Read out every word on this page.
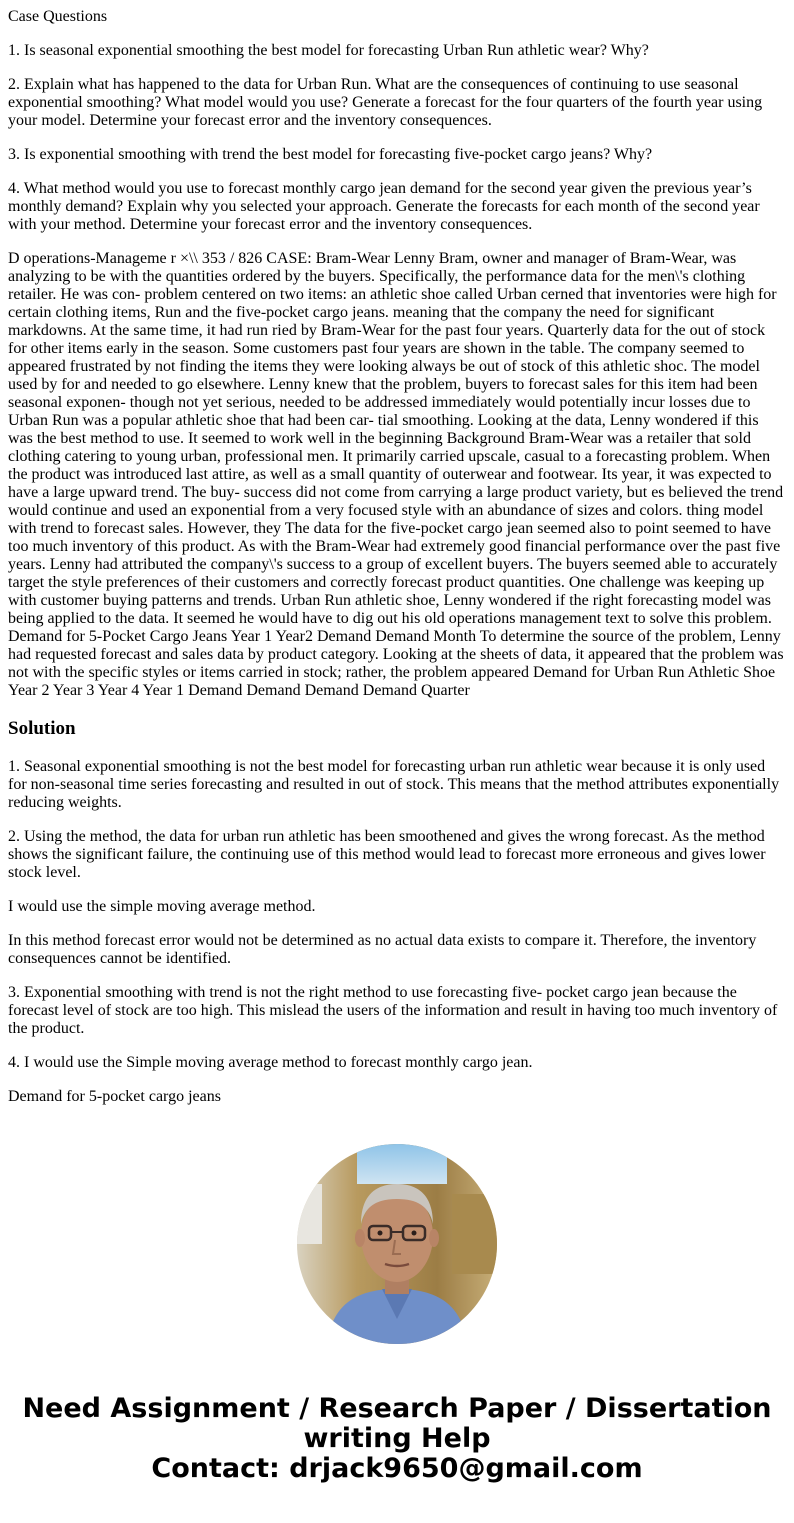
Case Questions

1. Is seasonal exponential smoothing the best model for forecasting Urban Run athletic wear? Why?

2. Explain what has happened to the data for Urban Run. What are the consequences of continuing to use seasonal exponential smoothing? What model would you use? Generate a forecast for the four quarters of the fourth year using your model. Determine your forecast error and the inventory consequences.

3. Is exponential smoothing with trend the best model for forecasting five-pocket cargo jeans? Why?

4. What method would you use to forecast monthly cargo jean demand for the second year given the previous year’s monthly demand? Explain why you selected your approach. Generate the forecasts for each month of the second year with your method. Determine your forecast error and the inventory consequences.

D operations-Manageme r ×\\ 353 / 826 CASE: Bram-Wear Lenny Bram, owner and manager of Bram-Wear, was analyzing to be with the quantities ordered by the buyers. Specifically, the performance data for the men\'s clothing retailer. He was con- problem centered on two items: an athletic shoe called Urban cerned that inventories were high for certain clothing items, Run and the five-pocket cargo jeans. meaning that the company the need for significant markdowns. At the same time, it had run ried by Bram-Wear for the past four years. Quarterly data for the out of stock for other items early in the season. Some customers past four years are shown in the table. The company seemed to appeared frustrated by not finding the items they were looking always be out of stock of this athletic shoc. The model used by for and needed to go elsewhere. Lenny knew that the problem, buyers to forecast sales for this item had been seasonal exponen- though not yet serious, needed to be addressed immediately would potentially incur losses due to Urban Run was a popular athletic shoe that had been car- tial smoothing. Looking at the data, Lenny wondered if this was the best method to use. It seemed to work well in the beginning Background Bram-Wear was a retailer that sold clothing catering to young urban, professional men. It primarily carried upscale, casual to a forecasting problem. When the product was introduced last attire, as well as a small quantity of outerwear and footwear. Its year, it was expected to have a large upward trend. The buy- success did not come from carrying a large product variety, but es believed the trend would continue and used an exponential from a very focused style with an abundance of sizes and colors. thing model with trend to forecast sales. However, they The data for the five-pocket cargo jean seemed also to point seemed to have too much inventory of this product. As with the Bram-Wear had extremely good financial performance over the past five years. Lenny had attributed the company\'s success to a group of excellent buyers. The buyers seemed able to accurately target the style preferences of their customers and correctly forecast product quantities. One challenge was keeping up with customer buying patterns and trends. Urban Run athletic shoe, Lenny wondered if the right forecasting model was being applied to the data. It seemed he would have to dig out his old operations management text to solve this problem. Demand for 5-Pocket Cargo Jeans Year 1 Year2 Demand Demand Month To determine the source of the problem, Lenny had requested forecast and sales data by product category. Looking at the sheets of data, it appeared that the problem was not with the specific styles or items carried in stock; rather, the problem appeared Demand for Urban Run Athletic Shoe Year 2 Year 3 Year 4 Year 1 Demand Demand Demand Demand Quarter

Solution

1. Seasonal exponential smoothing is not the best model for forecasting urban run athletic wear because it is only used for non-seasonal time series forecasting and resulted in out of stock. This means that the method attributes exponentially reducing weights.

2. Using the method, the data for urban run athletic has been smoothened and gives the wrong forecast. As the method shows the significant failure, the continuing use of this method would lead to forecast more erroneous and gives lower stock level.

I would use the simple moving average method.

In this method forecast error would not be determined as no actual data exists to compare it. Therefore, the inventory consequences cannot be identified.

3. Exponential smoothing with trend is not the right method to use forecasting five- pocket cargo jean because the forecast level of stock are too high. This mislead the users of the information and result in having too much inventory of the product.

4. I would use the Simple moving average method to forecast monthly cargo jean.

Demand for 5-pocket cargo jeans

Need Assignment / Research Paper / Dissertation
writing Help
Contact: drjack9650@gmail.com
